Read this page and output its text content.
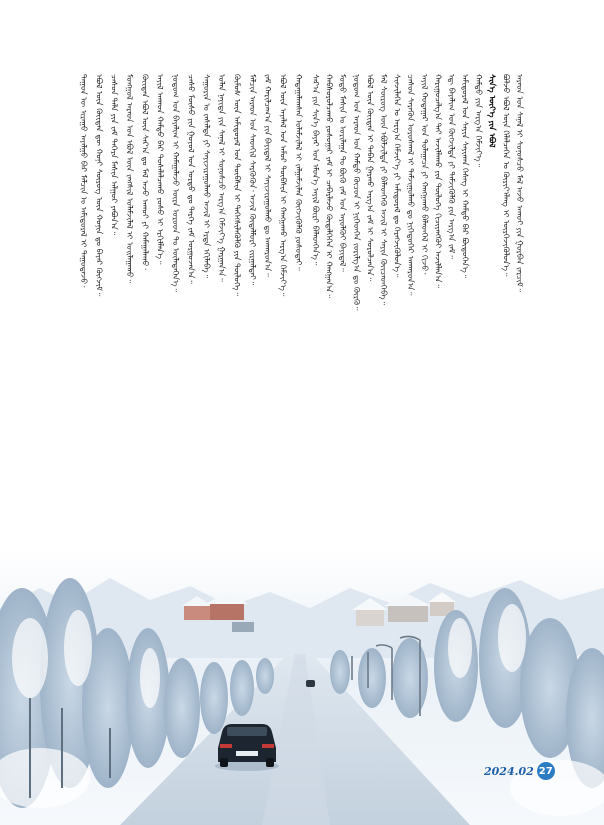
ᠳᠠᠭᠤᠨ ᠦ ᠢᠷᠠᠭᠤ ᠠᠶᠠᠯᠭᠤ ᠪᠡᠷ ᠮᠠᠯᠴᠢᠨ ᠤ ᠠᠮᠢᠳᠤᠷᠠᠯ ᠢ ᠳᠠᠭᠤᠳᠠᠵᠤ᠂ ᠡᠪᠦᠯ ᠦᠨ ᠬᠦᠢᠲᠡᠨ ᠳᠦ ᠬᠣᠨᠢ ᠰᠦᠷᠦᠭ ᠦᠨ ᠬᠣᠨᠢᠨ ᠳᠤ ᠪᠠᠶᠠᠷ ᠬᠥᠭᠵᠢᠮ᠃ ᠴᠠᠰᠤᠨ ᠲᠠᠯᠠ ᠶᠢᠨ ᠵᠠᠮ ᠳᠡᠭᠡᠷᠡ ᠮᠠᠰᠢᠨ ᠠᠯᠭᠤᠷ ᠶᠠᠪᠤᠨ᠎ᠠ᠃ ᠮᠣᠩᠭᠣᠯ ᠠᠷᠠᠳ ᠤᠨ ᠡᠪᠦᠯ ᠦᠨ ᠵᠠᠩᠱᠢᠯ ᠤᠯᠠᠮᠵᠢᠯᠠᠯ ᠢ ᠣᠢᠯᠠᠭᠠᠬᠤ᠃ ᠬᠦᠢᠲᠡᠨ ᠡᠪᠦᠯ ᠦᠨ ᠰᠠᠷ᠎ᠠ ᠳᠤ ᠮᠠᠯ ᠠᠵᠤ ᠠᠬᠤᠢ ᠶᠢ ᠬᠠᠮᠠᠭᠠᠯᠠᠬᠤ᠂ ᠠᠶᠢᠯ ᠠᠬᠠᠳ ᠬᠠᠮᠲᠤ ᠪᠡᠷ ᠲᠤᠰᠠᠯᠠᠯᠴᠠᠬᠤ ᠶᠣᠰᠤ ᠢ ᠡᠷᠬᠢᠮᠯᠡᠨ᠎ᠡ᠃ ᠨᠤᠲᠤᠭ ᠤᠨ ᠪᠠᠶᠠᠯᠢᠭ ᠢ ᠬᠠᠮᠠᠭᠠᠯᠠᠵᠤ ᠦᠷᠡ ᠣᠷᠣᠳ ᠲᠤ ᠦᠯᠡᠳᠡᠭᠡᠨ᠎ᠡ᠃ ᠴᠠᠰᠤ ᠮᠥᠰᠦ ᠶᠢᠨ ᠭᠤᠶᠤᠯ ᠤᠨ ᠤᠷᠳᠤ ᠳᠤ ᠲᠡᠷᠭᠡ ᠵᠠᠮ ᠤᠷᠭᠤᠵᠠᠨ᠎ᠠ᠃ ᠰᠠᠭᠤᠷᠢᠨ ᠤ ᠵᠠᠰᠠᠯᠲᠠ ᠶᠢ ᠰᠠᠶᠢᠵᠢᠷᠠᠭᠤᠯᠬᠤ ᠠᠵᠢᠯ ᠢ ᠡᠷᠲᠡ ᠡᠬᠢᠯᠡᠪᠡ᠃ ᠣᠯᠠᠨ ᠨᠡᠶᠢᠲᠡ ᠶᠢᠨ ᠰᠠᠨᠠᠯ ᠢ ᠰᠣᠨᠣᠰᠴᠤ ᠠᠷᠭ᠎ᠠ ᠬᠡᠮᠵᠢᠶ᠎ᠡ ᠭᠠᠷᠭᠠᠨ᠎ᠠ᠃ ᠬᠦᠮᠦᠰ ᠦᠨ ᠠᠮᠢᠳᠤᠷᠠᠯ ᠤᠨ ᠲᠦᠪᠰᠢᠨ ᠢ ᠳᠡᠭᠡᠭᠰᠢᠯᠡᠭᠦᠯᠬᠦ ᠶᠢᠨ ᠲᠥᠯᠦᠭᠡ᠃ ᠮᠠᠯᠴᠢᠨ ᠠᠷᠠᠳ ᠤᠨ ᠰᠡᠳᠬᠢᠯ ᠰᠡᠷᠭᠦᠭᠦᠨ᠂ ᠠᠵᠢᠯ ᠬᠥᠳᠡᠯᠮᠦᠷᠢ ᠵᠢᠷᠭᠠᠯᠲᠠᠢ᠃ ᠵᠠᠮ ᠬᠠᠷᠢᠯᠴᠠᠭ᠎ᠠ ᠶᠢᠨ ᠪᠠᠶᠢᠳᠠᠯ ᠢ ᠰᠠᠶᠢᠵᠢᠷᠠᠭᠤᠯᠬᠤ ᠳᠤ ᠠᠨᠬᠠᠷᠤᠨ᠎ᠠ᠃ ᠡᠪᠦᠯ ᠦᠨ ᠠᠶᠠᠯᠠᠯ ᠤᠨ ᠠᠮᠤᠷ ᠲᠦᠪᠰᠢᠨ ᠢ ᠬᠠᠩᠭᠠᠬᠤ ᠠᠷᠭ᠎ᠠ ᠬᠡᠮᠵᠢᠶ᠎ᠡ᠃ ᠬᠠᠳᠠᠭᠠᠯᠠᠭᠰᠠᠨ ᠤᠯᠠᠮᠵᠢᠯᠠᠯ ᠢ ᠵᠠᠯᠭᠠᠮᠵᠢᠯᠠᠨ ᠬᠥᠭᠵᠢᠭᠦᠯᠬᠦ ᠶᠣᠰᠤᠲᠠᠢ᠃ ᠰᠠᠷ᠎ᠠ ᠶᠢᠨ ᠰᠢᠨ᠎ᠡ ᠪᠠᠶᠠᠷ ᠤᠨ ᠡᠮᠦᠨ᠎ᠡ ᠠᠶᠢᠯ ᠪᠦᠷᠢ ᠪᠡᠯᠡᠳᠬᠡᠨ᠎ᠡ᠃ ᠬᠠᠪᠰᠤᠷᠤᠯᠴᠠᠬᠤ ᠶᠣᠰᠤᠭᠠᠷ ᠵᠠᠮ ᠢ ᠴᠡᠪᠡᠷᠯᠡᠵᠦ ᠬᠥᠳᠡᠯᠭᠡᠭᠡᠨ ᠢ ᠬᠠᠩᠭᠠᠨ᠎ᠠ᠃ ᠮᠣᠲᠣ ᠮᠠᠰᠢᠨ ᠤ ᠣᠷᠢᠯᠠᠭᠠ ᠲᠤ ᠪᠦᠬᠦ ᠵᠠᠮ ᠤᠨ ᠠᠶᠤᠯᠭᠦᠢ ᠪᠠᠶᠢᠳᠠᠯ᠃ ᠨᠤᠲᠤᠭ ᠤᠨ ᠠᠷᠠᠳ ᠤᠨ ᠬᠠᠮᠲᠤ ᠬᠦᠴᠦᠨ ᠢ ᠨᠢᠭᠡᠳᠬᠡᠨ ᠵᠣᠷᠢᠯᠭ᠎ᠠ ᠳᠤ ᠬᠦᠷᠬᠦ᠃ ᠡᠪᠦᠯ ᠦᠨ ᠬᠦᠢᠲᠡᠨ ᠢ ᠳᠠᠪᠠᠨ ᠭᠠᠷᠬᠤ ᠠᠷᠭ᠎ᠠ ᠵᠠᠮ ᠢ ᠰᠤᠷᠤᠯᠴᠠᠨ᠎ᠠ᠃ ᠮᠠᠯ ᠰᠦᠷᠦᠭ ᠦᠨ ᠡᠪᠦᠯᠵᠢᠯᠲᠡ ᠶᠢ ᠪᠡᠯᠡᠳᠬᠡᠬᠦ ᠠᠵᠢᠯ ᠢ ᠰᠠᠶᠢᠨ ᠭᠦᠢᠴᠡᠳᠬᠡᠪᠡ᠃ ᠰᠢᠨᠵᠢᠯᠡᠭᠡᠨ ᠤ ᠠᠷᠭ᠎ᠠ ᠬᠡᠮᠵᠢᠶ᠎ᠡ ᠶᠢ ᠠᠮᠢᠳᠤᠷᠠᠯ ᠳᠤ ᠬᠡᠷᠡᠭᠵᠢᠭᠦᠯᠦᠨ᠎ᠡ᠃ ᠴᠠᠰᠤᠨ ᠰᠡᠷᠡᠭᠦᠨ ᠤᠷᠤᠰᠬᠠᠯ ᠢ ᠳᠠᠮᠵᠢᠭᠤᠯᠬᠤ ᠳᠤ ᠨᠢᠭᠡᠳᠦᠭᠡᠷ ᠠᠨᠬᠠᠷᠤᠨ᠎ᠠ᠃ ᠠᠶᠢᠯ ᠬᠣᠲᠠᠭᠠᠷ ᠤᠨ ᠳᠤᠯᠠᠭᠠᠴᠠ ᠶᠢ ᠬᠠᠩᠭᠠᠬᠤ ᠪᠡᠯᠡᠳᠬᠡᠯ ᠢ ᠬᠢᠵᠦ᠂ ᠬᠠᠷᠢᠭᠤᠴᠠᠯᠭ᠎ᠠ ᠲᠠᠢ ᠠᠵᠢᠯᠯᠠᠬᠤ ᠶᠢᠨ ᠲᠥᠯᠦᠭᠡ ᠬᠢᠴᠢᠶᠡᠩᠭᠦᠢ ᠠᠵᠢᠯᠯᠠᠨ᠎ᠠ᠃ ᠡᠳ᠋ ᠪᠠᠶᠠᠯᠢᠭ ᠤᠨ ᠬᠥᠭᠵᠢᠯᠲᠡ ᠶᠢ ᠳᠡᠮᠵᠢᠭᠦᠯᠬᠦ ᠶᠢᠨ ᠠᠷᠭ᠎ᠠ ᠵᠠᠮ᠃ ᠠᠮᠢᠳᠤᠷᠠᠯ ᠤᠨ ᠰᠠᠶᠢᠨ ᠰᠠᠶᠢᠬᠠᠨ ᠬᠡᠰᠡᠭ ᠢ ᠬᠠᠮᠲᠤ ᠪᠡᠷ ᠪᠦᠲᠦᠭᠡᠨ᠎ᠡ᠃ ᠬᠠᠮᠲᠤ ᠶᠢᠨ ᠠᠷᠭ᠎ᠠ ᠬᠡᠮᠵᠢᠶ᠎ᠡ᠃ ᠰᠢᠨ᠎ᠡ ᠦᠶ᠎ᠡ ᠶᠢᠨ ᠡᠪᠦᠯ ᠪᠣᠯᠵᠤ ᠡᠪᠦᠯ ᠦᠨ ᠬᠡᠯᠡᠯᠴᠡᠭᠡᠨ ᠤ ᠬᠦᠷᠢᠶ᠎ᠡᠯᠡᠩ ᠢ ᠥᠷᠭᠡᠵᠢᠭᠦᠯᠦᠨ᠎ᠡ᠃ ᠠᠷᠠᠳ ᠤᠨ ᠰᠠᠨᠠᠯ ᠢ ᠰᠣᠨᠣᠰᠴᠤ ᠮᠠᠯ ᠠᠵᠤ ᠠᠬᠤᠢ ᠶᠢᠨ ᠭᠤᠷᠪᠠᠨ ᠵᠠᠷᠴᠢᠮ᠃
2024.02 27
